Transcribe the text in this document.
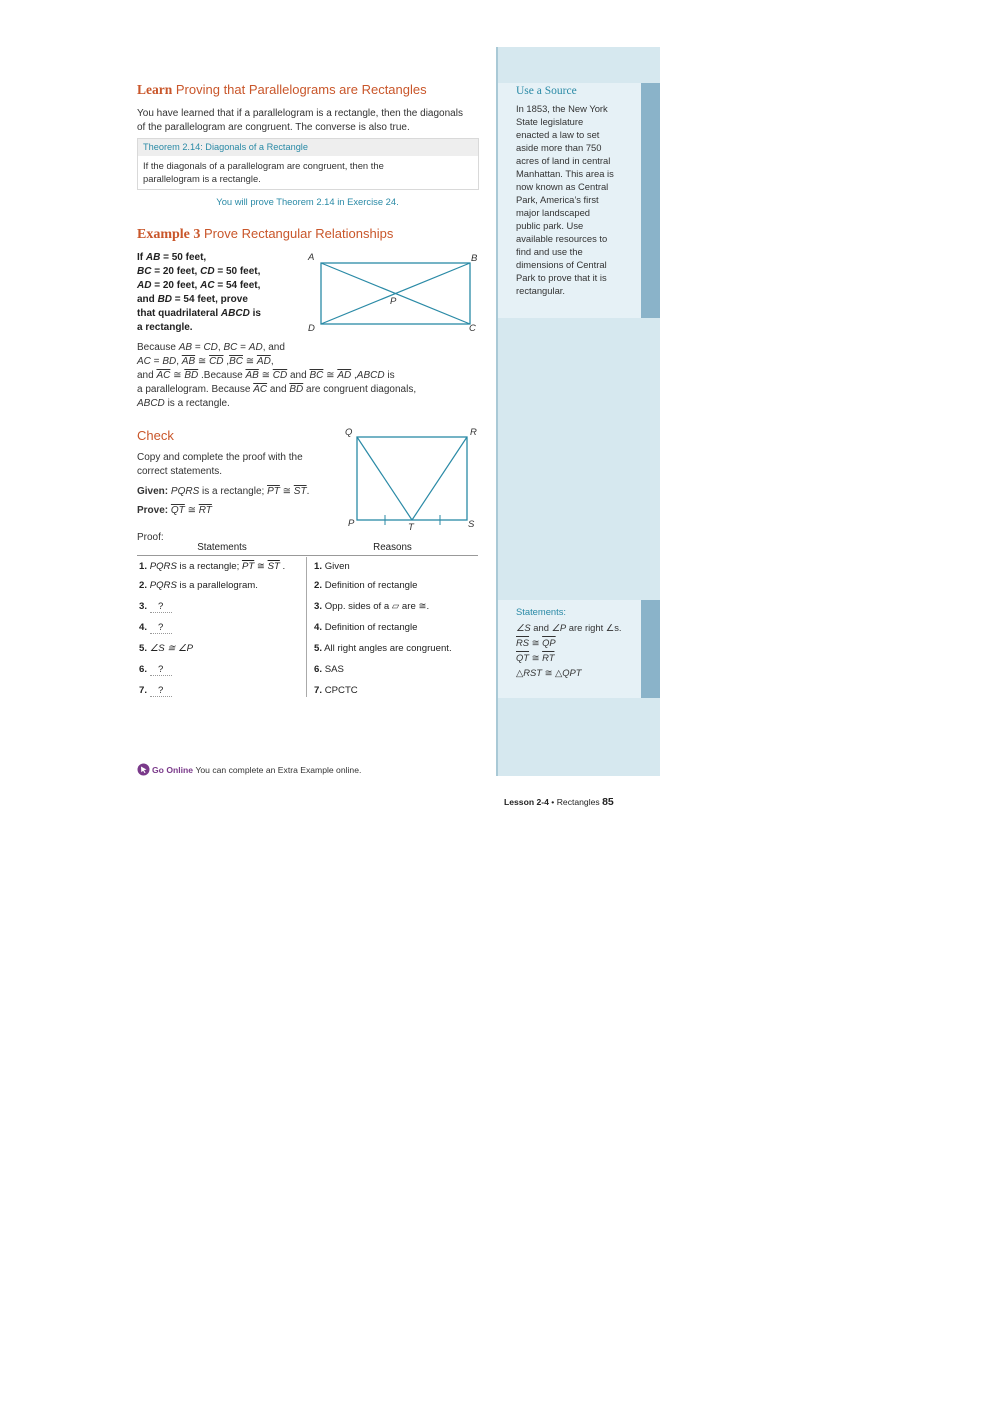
Use a Source
In 1853, the New York
State legislature
enacted a law to set
aside more than 750
acres of land in central
Manhattan. This area is
now known as Central
Park, America’s first
major landscaped
public park. Use
available resources to
find and use the
dimensions of Central
Park to prove that it is
rectangular.
Statements:
∠S and ∠P are right ∠s.
$\overline{RS}$ ≅ $\overline{QP}$
$\overline{QT}$ ≅ $\overline{RT}$
△RST ≅ △QPT
Learn Proving that Parallelograms are Rectangles
You have learned that if a parallelogram is a rectangle, then the diagonals
of the parallelogram are congruent. The converse is also true.
Theorem 2.14: Diagonals of a Rectangle
If the diagonals of a parallelogram are congruent, then the
parallelogram is a rectangle.
You will prove Theorem 2.14 in Exercise 24.
Example 3 Prove Rectangular Relationships
If AB = 50 feet,
BC = 20 feet, CD = 50 feet,
AD = 20 feet, AC = 54 feet,
and BD = 54 feet, prove
that quadrilateral ABCD is
a rectangle.
A	B
C
D
P
Because AB = CD, BC = AD, and
AC = BD, $\overline{AB}$ ≅ $\overline{CD}$ $,\overline{BC}$ ≅ $\overline{AD}$,
and $\overline{AC}$ ≅ $\overline{BD}$ .Because $\overline{AB}$ ≅ $\overline{CD}$ and $\overline{BC}$ ≅ $\overline{AD}$ ,ABCD is
a parallelogram. Because $\overline{AC}$ and $\overline{BD}$ are congruent diagonals,
ABCD is a rectangle.
Check
Copy and complete the proof with the
correct statements.
Given: PQRS is a rectangle; $\overline{PT}$ ≅ $\overline{ST}$.
Prove: $\overline{QT}$ ≅ $\overline{RT}$
Proof:
Q	R
P	S
T
Statements	Reasons
1. PQRS is a rectangle; $\overline{PT}$ ≅ $\overline{ST}$ .	1. Given
2. PQRS is a parallelogram.	2. Definition of rectangle
3. ?	3. Opp. sides of a ▱ are ≅.
4. ?	4. Definition of rectangle
5. ∠S ≅ ∠P	5. All right angles are congruent.
6. ?	6. SAS
7. ?	7. CPCTC
Go Online
You can complete an Extra Example online.
Lesson 2-4 • Rectangles 85
